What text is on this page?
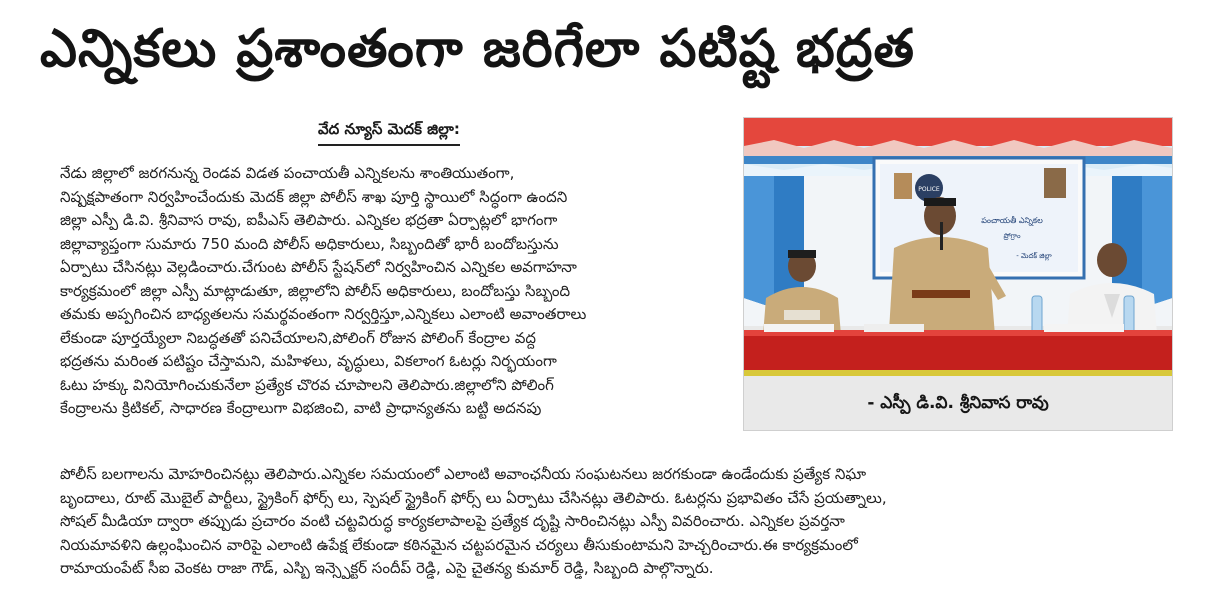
ఎన్నికలు ప్రశాంతంగా జరిగేలా పటిష్ట భద్రత
వేద న్యూస్ మెదక్ జిల్లా:
నేడు జిల్లాలో జరగనున్న రెండవ విడత పంచాయతీ ఎన్నికలను శాంతియుతంగా,
నిష్పక్షపాతంగా నిర్వహించేందుకు మెదక్ జిల్లా పోలీస్ శాఖ పూర్తి స్థాయిలో సిద్ధంగా ఉందని
జిల్లా ఎస్పీ డి.వి. శ్రీనివాస రావు, ఐపీఎస్ తెలిపారు. ఎన్నికల భద్రతా ఏర్పాట్లలో భాగంగా
జిల్లావ్యాప్తంగా సుమారు 750 మంది పోలీస్ అధికారులు, సిబ్బందితో భారీ బందోబస్తును
ఏర్పాటు చేసినట్లు వెల్లడించారు.చేగుంట పోలీస్ స్టేషన్‌లో నిర్వహించిన ఎన్నికల అవగాహనా
కార్యక్రమంలో జిల్లా ఎస్పీ మాట్లాడుతూ, జిల్లాలోని పోలీస్ అధికారులు, బందోబస్తు సిబ్బంది
తమకు అప్పగించిన బాధ్యతలను సమర్థవంతంగా నిర్వర్తిస్తూ,ఎన్నికలు ఎలాంటి అవాంతరాలు
లేకుండా పూర్తయ్యేలా నిబద్ధతతో పనిచేయాలని,పోలింగ్ రోజున పోలింగ్ కేంద్రాల వద్ద
భద్రతను మరింత పటిష్టం చేస్తామని, మహిళలు, వృద్ధులు, వికలాంగ ఓటర్లు నిర్భయంగా
ఓటు హక్కు వినియోగించుకునేలా ప్రత్యేక చొరవ చూపాలని తెలిపారు.జిల్లాలోని పోలింగ్
కేంద్రాలను క్రిటికల్, సాధారణ కేంద్రాలుగా విభజించి, వాటి ప్రాధాన్యతను బట్టి అదనపు
పోలీస్ బలగాలను మోహరించినట్లు తెలిపారు.ఎన్నికల సమయంలో ఎలాంటి అవాంఛనీయ సంఘటనలు జరగకుండా ఉండేందుకు ప్రత్యేక నిఘా
బృందాలు, రూట్ మొబైల్ పార్టీలు, స్ట్రైకింగ్ ఫోర్స్ లు, స్పెషల్ స్ట్రైకింగ్ ఫోర్స్ లు ఏర్పాటు చేసినట్లు తెలిపారు. ఓటర్లను ప్రభావితం చేసే ప్రయత్నాలు,
సోషల్ మీడియా ద్వారా తప్పుడు ప్రచారం వంటి చట్టవిరుద్ధ కార్యకలాపాలపై ప్రత్యేక దృష్టి సారించినట్లు ఎస్పీ వివరించారు. ఎన్నికల ప్రవర్తనా
నియమావళిని ఉల్లంఘించిన వారిపై ఎలాంటి ఉపేక్ష లేకుండా కఠినమైన చట్టపరమైన చర్యలు తీసుకుంటామని హెచ్చరించారు.ఈ కార్యక్రమంలో
రామాయంపేట్ సీఐ వెంకట రాజా గౌడ్, ఎస్బి ఇన్స్పెక్టర్ సందీప్ రెడ్డి, ఎసై చైతన్య కుమార్ రెడ్డి, సిబ్బంది పాల్గొన్నారు.
POLICE
పంచాయతీ ఎన్నికల
ప్రోగ్రాం
- మెదక్ జిల్లా
- ఎస్పీ డి.వి. శ్రీనివాస రావు
